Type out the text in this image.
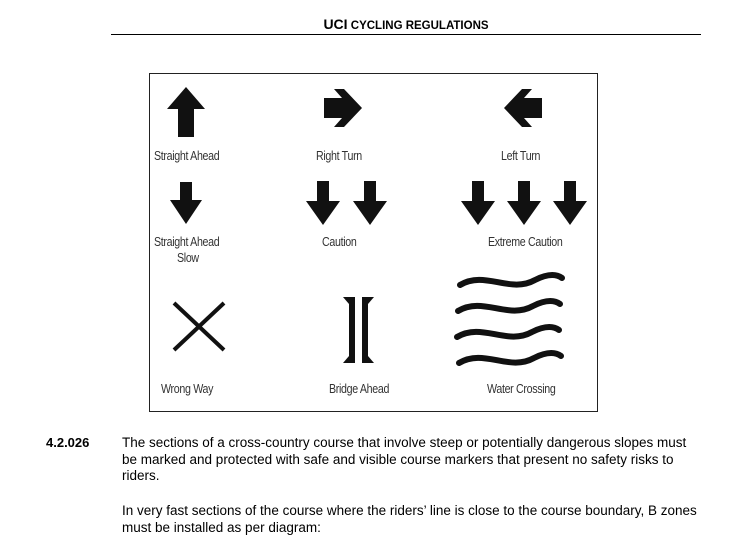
UCI CYCLING REGULATIONS
Straight Ahead	Right Turn	Left Turn
Straight Ahead
Slow
Caution	Extreme Caution
Wrong Way	Bridge Ahead	Water Crossing
4.2.026 The sections of a cross-country course that involve steep or potentially dangerous slopes must be marked and protected with safe and visible course markers that present no safety risks to riders.

In very fast sections of the course where the riders’ line is close to the course boundary, B zones must be installed as per diagram:
